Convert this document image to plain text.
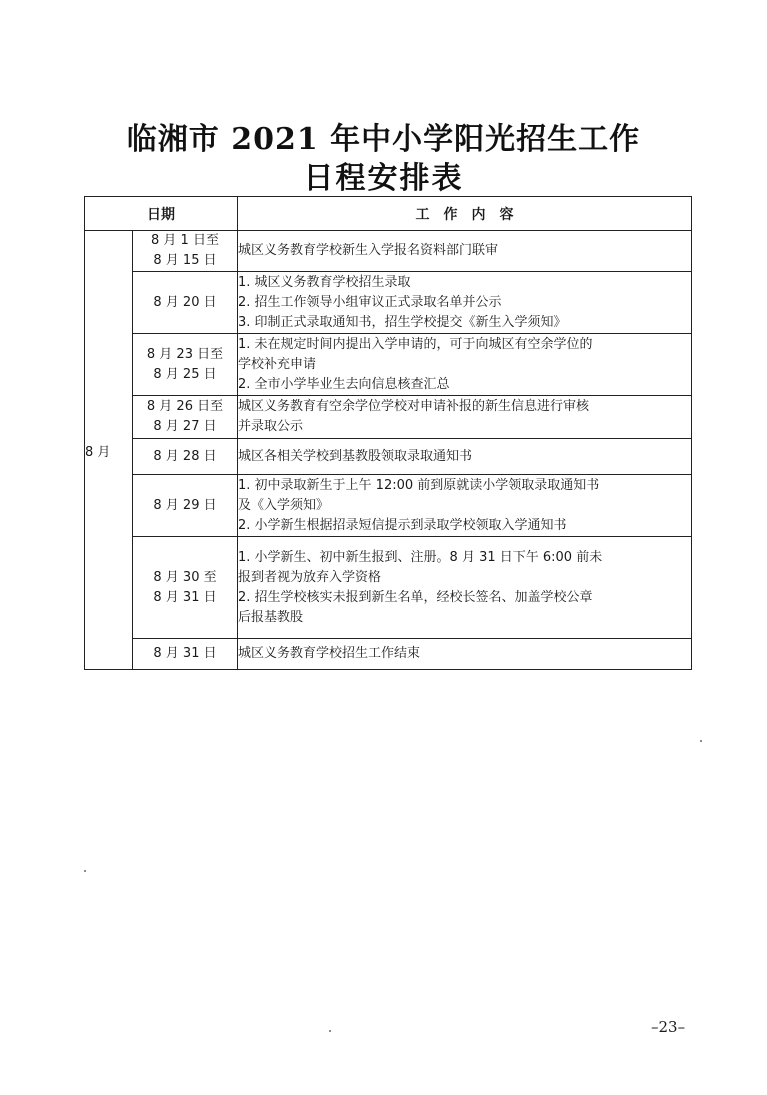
临湘市 2021 年中小学阳光招生工作
日程安排表
日期		工　作　内　容
8 月	8 月 1 日至
8 月 15 日	城区义务教育学校新生入学报名资料部门联审

	8 月 20 日	1. 城区义务教育学校招生录取
2. 招生工作领导小组审议正式录取名单并公示
3. 印制正式录取通知书，招生学校提交《新生入学须知》

	8 月 23 日至
8 月 25 日	1. 未在规定时间内提出入学申请的，可于向城区有空余学位的
学校补充申请
2. 全市小学毕业生去向信息核查汇总

	8 月 26 日至
8 月 27 日	城区义务教育有空余学位学校对申请补报的新生信息进行审核
并录取公示

	8 月 28 日	城区各相关学校到基教股领取录取通知书

	8 月 29 日	1. 初中录取新生于上午 12:00 前到原就读小学领取录取通知书
及《入学须知》
2. 小学新生根据招录短信提示到录取学校领取入学通知书

	8 月 30 至
8 月 31 日	1. 小学新生、初中新生报到、注册。8 月 31 日下午 6:00 前未
报到者视为放弃入学资格
2. 招生学校核实未报到新生名单，经校长签名、加盖学校公章
后报基教股

	8 月 31 日	城区义务教育学校招生工作结束
–23–
